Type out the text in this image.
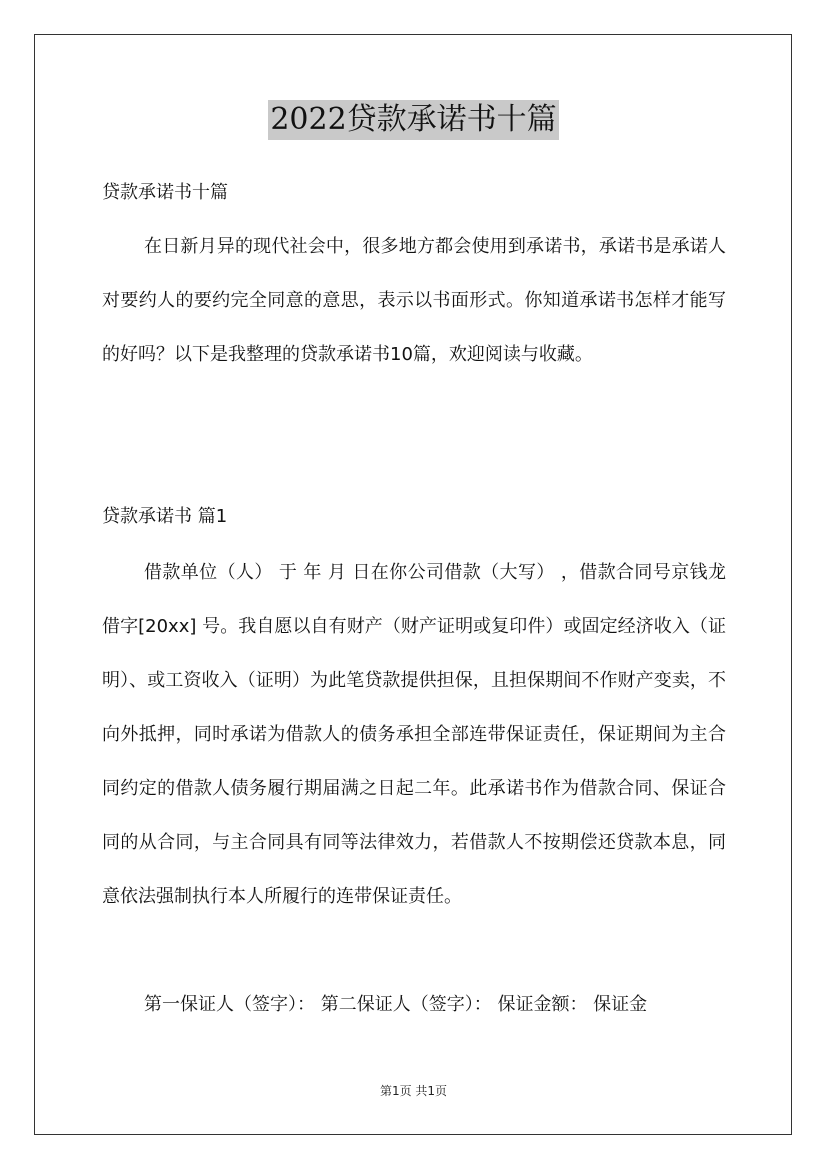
2022贷款承诺书十篇

贷款承诺书十篇

在日新月异的现代社会中，很多地方都会使用到承诺书，承诺书是承诺人对要约人的要约完全同意的意思，表示以书面形式。你知道承诺书怎样才能写的好吗？以下是我整理的贷款承诺书10篇，欢迎阅读与收藏。

贷款承诺书 篇1

借款单位（人） 于 年 月 日在你公司借款（大写） ，借款合同号京钱龙借字[20xx] 号。我自愿以自有财产（财产证明或复印件）或固定经济收入（证明）、或工资收入（证明）为此笔贷款提供担保，且担保期间不作财产变卖，不向外抵押，同时承诺为借款人的债务承担全部连带保证责任，保证期间为主合同约定的借款人债务履行期届满之日起二年。此承诺书作为借款合同、保证合同的从合同，与主合同具有同等法律效力，若借款人不按期偿还贷款本息，同意依法强制执行本人所履行的连带保证责任。

第一保证人（签字）： 第二保证人（签字）： 保证金额： 保证金

第1页 共1页
